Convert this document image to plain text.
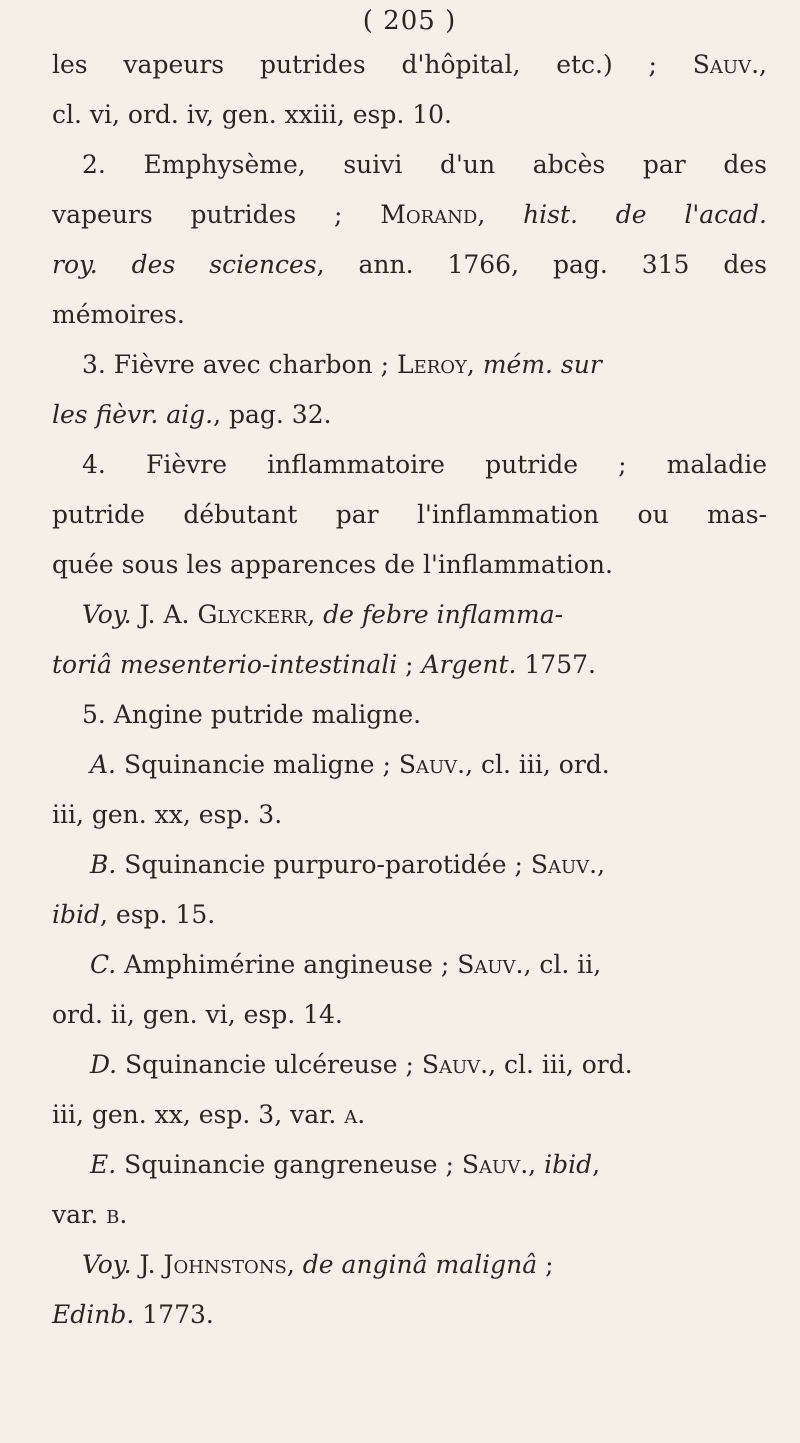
( 205 )
les vapeurs putrides d'hôpital, etc.) ; Sauv.,
cl. vi, ord. iv, gen. xxiii, esp. 10.
2. Emphysème, suivi d'un abcès par des
vapeurs putrides ; Morand, hist. de l'acad.
roy. des sciences, ann. 1766, pag. 315 des
mémoires.
3. Fièvre avec charbon ; Leroy, mém. sur
les fièvr. aig., pag. 32.
4. Fièvre inflammatoire putride ; maladie
putride débutant par l'inflammation ou mas-
quée sous les apparences de l'inflammation.
Voy. J. A. Glyckerr, de febre inflamma-
toriâ mesenterio-intestinali ; Argent. 1757.
5. Angine putride maligne.
A. Squinancie maligne ; Sauv., cl. iii, ord.
iii, gen. xx, esp. 3.
B. Squinancie purpuro-parotidée ; Sauv.,
ibid, esp. 15.
C. Amphimérine angineuse ; Sauv., cl. ii,
ord. ii, gen. vi, esp. 14.
D. Squinancie ulcéreuse ; Sauv., cl. iii, ord.
iii, gen. xx, esp. 3, var. a.
E. Squinancie gangreneuse ; Sauv., ibid,
var. b.
Voy. J. Johnstons, de anginâ malignâ ;
Edinb. 1773.
